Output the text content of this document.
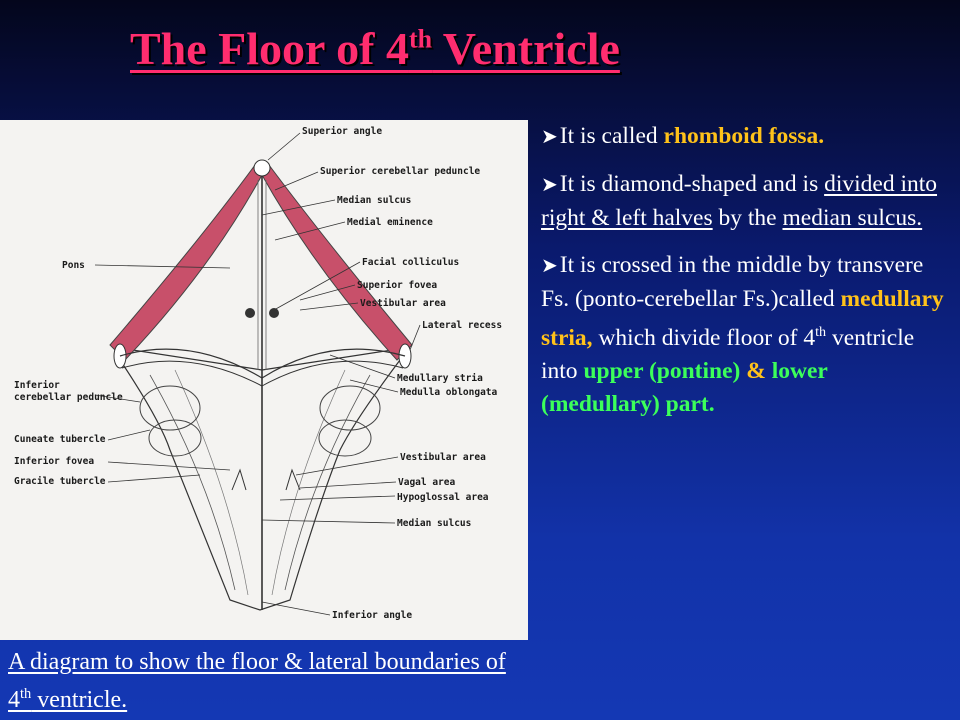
The Floor of 4th Ventricle
Superior angle
Superior cerebellar peduncle
Median sulcus
Medial eminence
Pons	Facial colliculus
Superior fovea
Vestibular area
Lateral recess
Inferior
cerebellar peduncle
Medullary stria
Medulla oblongata
Cuneate tubercle
Inferior fovea
Gracile tubercle
Vestibular area
Vagal area
Hypoglossal area
Median sulcus
Inferior angle
➤It is called rhomboid fossa.
➤It is diamond-shaped and is divided into right & left halves by the median sulcus.
➤It is crossed in the middle by transvere Fs. (ponto-cerebellar Fs.)called medullary stria, which divide floor of 4th ventricle into upper (pontine) & lower (medullary) part.

A diagram to show the floor & lateral boundaries of 4th ventricle.
